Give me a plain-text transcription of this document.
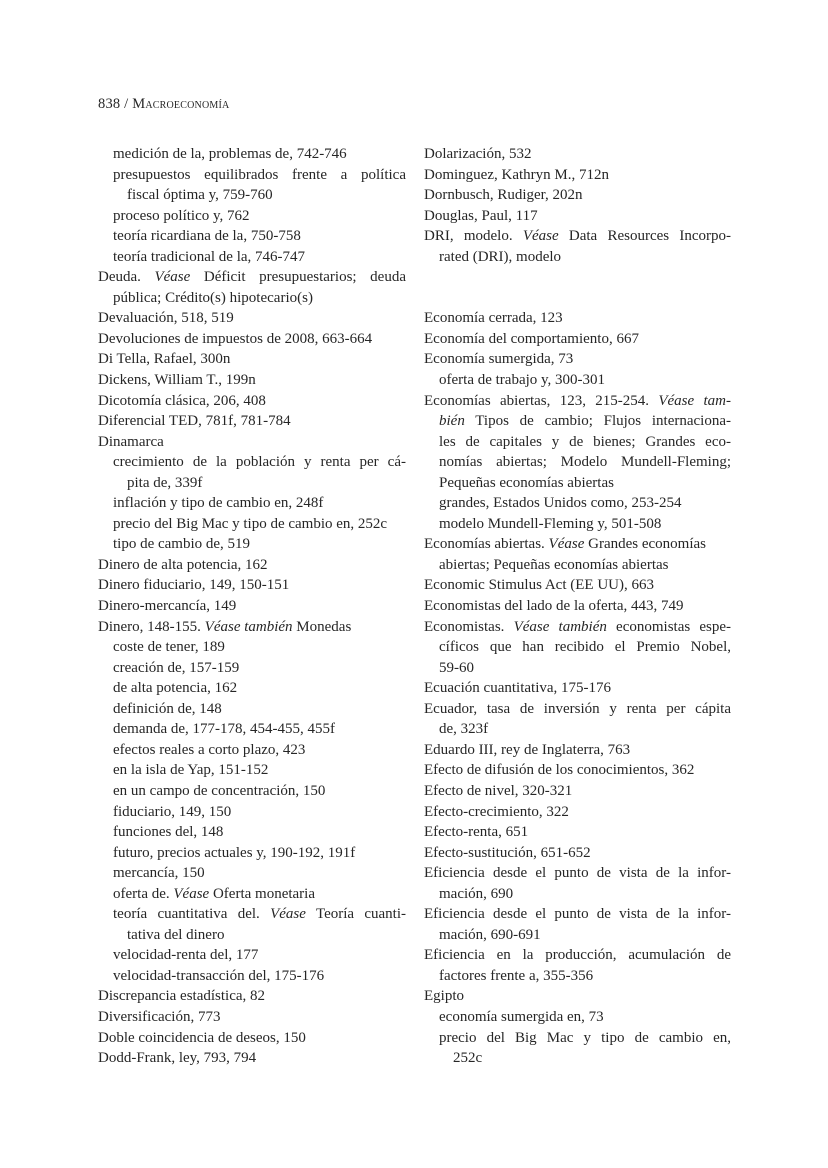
838 / Macroeconomía
medición de la, problemas de, 742-746
presupuestos equilibrados frente a política
fiscal óptima y, 759-760
proceso político y, 762
teoría ricardiana de la, 750-758
teoría tradicional de la, 746-747
Deuda. Véase Déficit presupuestarios; deuda
pública; Crédito(s) hipotecario(s)
Devaluación, 518, 519
Devoluciones de impuestos de 2008, 663-664
Di Tella, Rafael, 300n
Dickens, William T., 199n
Dicotomía clásica, 206, 408
Diferencial TED, 781f, 781-784
Dinamarca
crecimiento de la población y renta per cá-
pita de, 339f
inflación y tipo de cambio en, 248f
precio del Big Mac y tipo de cambio en, 252c
tipo de cambio de, 519
Dinero de alta potencia, 162
Dinero fiduciario, 149, 150-151
Dinero-mercancía, 149
Dinero, 148-155. Véase también Monedas
coste de tener, 189
creación de, 157-159
de alta potencia, 162
definición de, 148
demanda de, 177-178, 454-455, 455f
efectos reales a corto plazo, 423
en la isla de Yap, 151-152
en un campo de concentración, 150
fiduciario, 149, 150
funciones del, 148
futuro, precios actuales y, 190-192, 191f
mercancía, 150
oferta de. Véase Oferta monetaria
teoría cuantitativa del. Véase Teoría cuanti-
tativa del dinero
velocidad-renta del, 177
velocidad-transacción del, 175-176
Discrepancia estadística, 82
Diversificación, 773
Doble coincidencia de deseos, 150
Dodd-Frank, ley, 793, 794
Dolarización, 532
Dominguez, Kathryn M., 712n
Dornbusch, Rudiger, 202n
Douglas, Paul, 117
DRI, modelo. Véase Data Resources Incorpo-
rated (DRI), modelo

Economía cerrada, 123
Economía del comportamiento, 667
Economía sumergida, 73
oferta de trabajo y, 300-301
Economías abiertas, 123, 215-254. Véase tam-
bién Tipos de cambio; Flujos internaciona-
les de capitales y de bienes; Grandes eco-
nomías abiertas; Modelo Mundell-Fleming;
Pequeñas economías abiertas
grandes, Estados Unidos como, 253-254
modelo Mundell-Fleming y, 501-508
Economías abiertas. Véase Grandes economías
abiertas; Pequeñas economías abiertas
Economic Stimulus Act (EE UU), 663
Economistas del lado de la oferta, 443, 749
Economistas. Véase también economistas espe-
cíficos que han recibido el Premio Nobel,
59-60
Ecuación cuantitativa, 175-176
Ecuador, tasa de inversión y renta per cápita
de, 323f
Eduardo III, rey de Inglaterra, 763
Efecto de difusión de los conocimientos, 362
Efecto de nivel, 320-321
Efecto-crecimiento, 322
Efecto-renta, 651
Efecto-sustitución, 651-652
Eficiencia desde el punto de vista de la infor-
mación, 690
Eficiencia desde el punto de vista de la infor-
mación, 690-691
Eficiencia en la producción, acumulación de
factores frente a, 355-356
Egipto
economía sumergida en, 73
precio del Big Mac y tipo de cambio en,
252c
